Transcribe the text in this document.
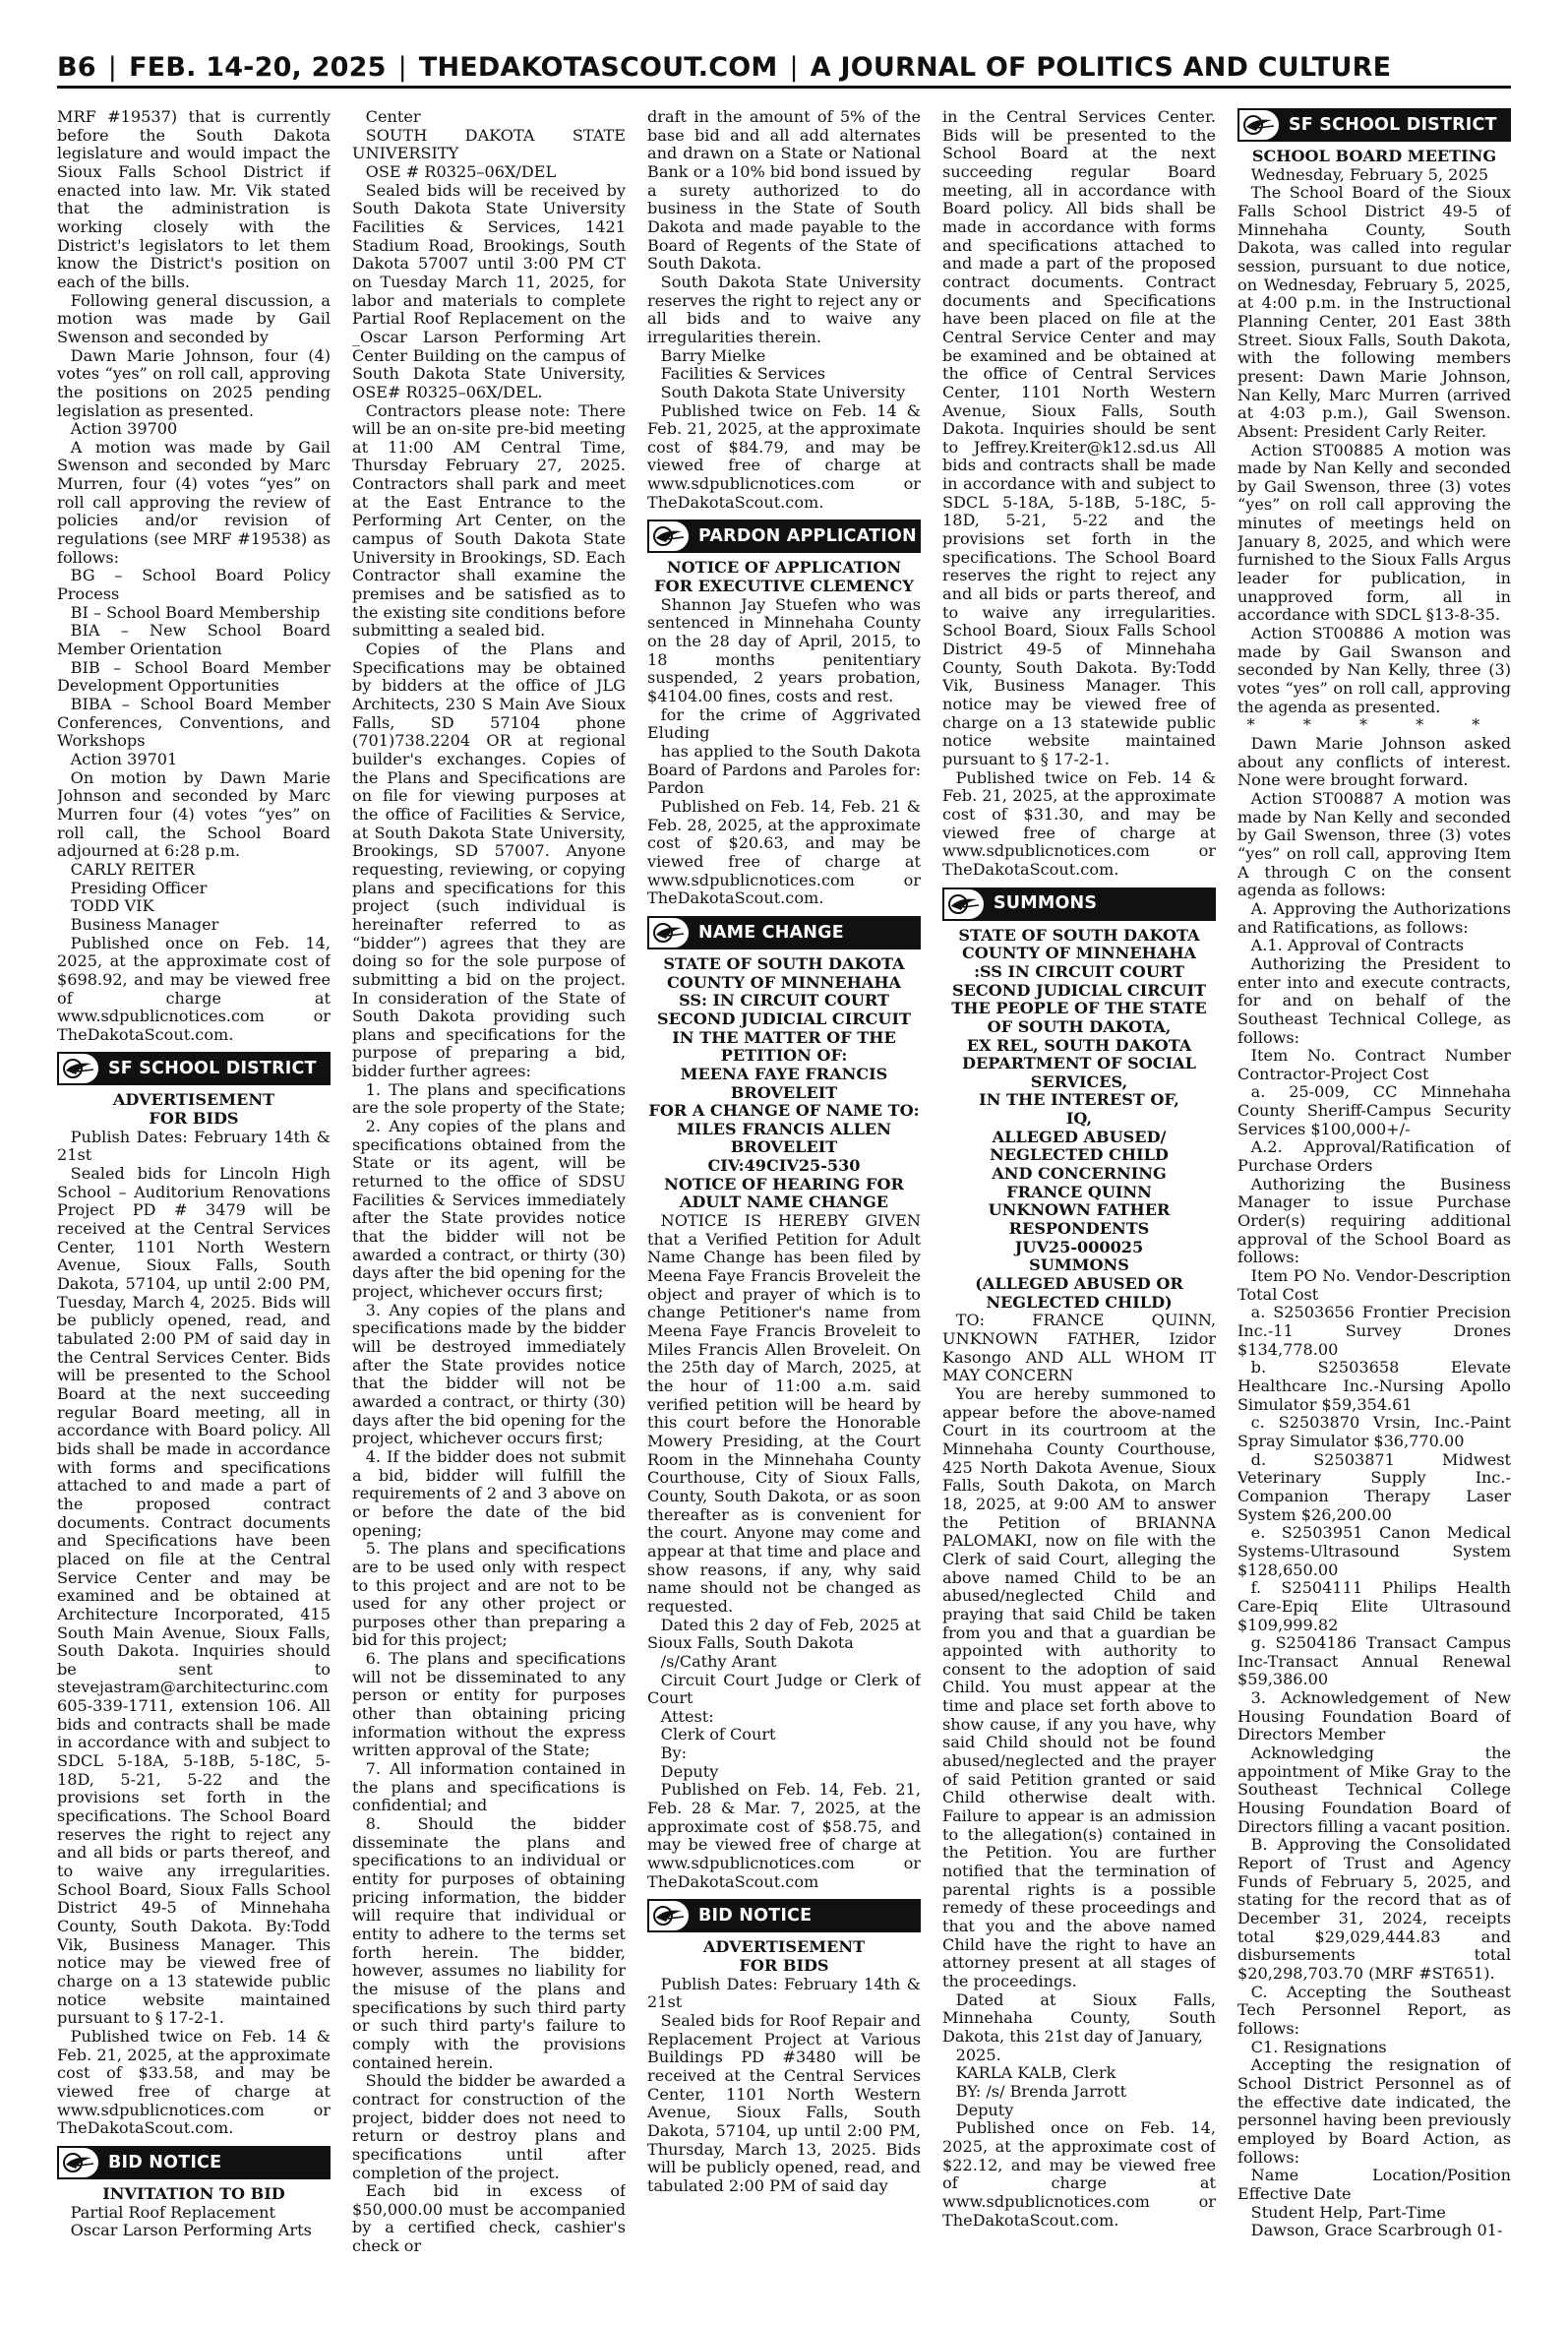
B6 | FEB. 14-20, 2025 | THEDAKOTASCOUT.COM | A JOURNAL OF POLITICS AND CULTURE

MRF #19537) that is currently before the South Dakota legislature and would impact the Sioux Falls School District if enacted into law. Mr. Vik stated that the administration is working closely with the District's legislators to let them know the District's position on each of the bills.

Following general discussion, a motion was made by Gail Swenson and seconded by

Dawn Marie Johnson, four (4) votes “yes” on roll call, approving the positions on 2025 pending legislation as presented.

Action 39700

A motion was made by Gail Swenson and seconded by Marc Murren, four (4) votes “yes” on roll call approving the review of policies and/or revision of regulations (see MRF #19538) as follows:

BG – School Board Policy Process

BI – School Board Membership

BIA – New School Board Member Orientation

BIB – School Board Member Development Opportunities

BIBA – School Board Member Conferences, Conventions, and Workshops

Action 39701

On motion by Dawn Marie Johnson and seconded by Marc Murren four (4) votes “yes” on roll call, the School Board adjourned at 6:28 p.m.

CARLY REITER

Presiding Officer

TODD VIK

Business Manager

Published once on Feb. 14, 2025, at the approximate cost of $698.92, and may be viewed free of charge at www.sdpublicnotices.com or TheDakotaScout.com.

SF SCHOOL DISTRICT

ADVERTISEMENT

FOR BIDS

Publish Dates: February 14th & 21st

Sealed bids for Lincoln High School – Auditorium Renovations Project PD # 3479 will be received at the Central Services Center, 1101 North Western Avenue, Sioux Falls, South Dakota, 57104, up until 2:00 PM, Tuesday, March 4, 2025. Bids will be publicly opened, read, and tabulated 2:00 PM of said day in the Central Services Center. Bids will be presented to the School Board at the next succeeding regular Board meeting, all in accordance with Board policy. All bids shall be made in accordance with forms and specifications attached to and made a part of the proposed contract documents. Contract documents and Specifications have been placed on file at the Central Service Center and may be examined and be obtained at Architecture Incorporated, 415 South Main Avenue, Sioux Falls, South Dakota. Inquiries should be sent to stevejastram@architecturinc.com 605-339-1711, extension 106. All bids and contracts shall be made in accordance with and subject to SDCL 5-18A, 5-18B, 5-18C, 5-18D, 5-21, 5-22 and the provisions set forth in the specifications. The School Board reserves the right to reject any and all bids or parts thereof, and to waive any irregularities. School Board, Sioux Falls School District 49-5 of Minnehaha County, South Dakota. By:Todd Vik, Business Manager. This notice may be viewed free of charge on a 13 statewide public notice website maintained pursuant to § 17-2-1.

Published twice on Feb. 14 & Feb. 21, 2025, at the approximate cost of $33.58, and may be viewed free of charge at www.sdpublicnotices.com or TheDakotaScout.com.

BID NOTICE

INVITATION TO BID

Partial Roof Replacement

Oscar Larson Performing Arts

Center

SOUTH DAKOTA STATE UNIVERSITY

OSE # R0325–06X/DEL

Sealed bids will be received by South Dakota State University Facilities & Services, 1421 Stadium Road, Brookings, South Dakota 57007 until 3:00 PM CT on Tuesday March 11, 2025, for labor and materials to complete Partial Roof Replacement on the _Oscar Larson Performing Art Center Building on the campus of South Dakota State University, OSE# R0325–06X/DEL.

Contractors please note: There will be an on-site pre-bid meeting at 11:00 AM Central Time, Thursday February 27, 2025. Contractors shall park and meet at the East Entrance to the Performing Art Center, on the campus of South Dakota State University in Brookings, SD. Each Contractor shall examine the premises and be satisfied as to the existing site conditions before submitting a sealed bid.

Copies of the Plans and Specifications may be obtained by bidders at the office of JLG Architects, 230 S Main Ave Sioux Falls, SD 57104 phone (701)738.2204 OR at regional builder's exchanges. Copies of the Plans and Specifications are on file for viewing purposes at the office of Facilities & Service, at South Dakota State University, Brookings, SD 57007. Anyone requesting, reviewing, or copying plans and specifications for this project (such individual is hereinafter referred to as “bidder”) agrees that they are doing so for the sole purpose of submitting a bid on the project. In consideration of the State of South Dakota providing such plans and specifications for the purpose of preparing a bid, bidder further agrees:

1. The plans and specifications are the sole property of the State;

2. Any copies of the plans and specifications obtained from the State or its agent, will be returned to the office of SDSU Facilities & Services immediately after the State provides notice that the bidder will not be awarded a contract, or thirty (30) days after the bid opening for the project, whichever occurs first;

3. Any copies of the plans and specifications made by the bidder will be destroyed immediately after the State provides notice that the bidder will not be awarded a contract, or thirty (30) days after the bid opening for the project, whichever occurs first;

4. If the bidder does not submit a bid, bidder will fulfill the requirements of 2 and 3 above on or before the date of the bid opening;

5. The plans and specifications are to be used only with respect to this project and are not to be used for any other project or purposes other than preparing a bid for this project;

6. The plans and specifications will not be disseminated to any person or entity for purposes other than obtaining pricing information without the express written approval of the State;

7. All information contained in the plans and specifications is confidential; and

8. Should the bidder disseminate the plans and specifications to an individual or entity for purposes of obtaining pricing information, the bidder will require that individual or entity to adhere to the terms set forth herein. The bidder, however, assumes no liability for the misuse of the plans and specifications by such third party or such third party's failure to comply with the provisions contained herein.

Should the bidder be awarded a contract for construction of the project, bidder does not need to return or destroy plans and specifications until after completion of the project.

Each bid in excess of $50,000.00 must be accompanied by a certified check, cashier's check or

draft in the amount of 5% of the base bid and all add alternates and drawn on a State or National Bank or a 10% bid bond issued by a surety authorized to do business in the State of South Dakota and made payable to the Board of Regents of the State of South Dakota.

South Dakota State University reserves the right to reject any or all bids and to waive any irregularities therein.

Barry Mielke

Facilities & Services

South Dakota State University

Published twice on Feb. 14 & Feb. 21, 2025, at the approximate cost of $84.79, and may be viewed free of charge at www.sdpublicnotices.com or TheDakotaScout.com.

PARDON APPLICATION

NOTICE OF APPLICATION

FOR EXECUTIVE CLEMENCY

Shannon Jay Stuefen who was sentenced in Minnehaha County on the 28 day of April, 2015, to 18 months penitentiary suspended, 2 years probation, $4104.00 fines, costs and rest.

for the crime of Aggrivated Eluding

has applied to the South Dakota Board of Pardons and Paroles for: Pardon

Published on Feb. 14, Feb. 21 & Feb. 28, 2025, at the approximate cost of $20.63, and may be viewed free of charge at www.sdpublicnotices.com or TheDakotaScout.com.

NAME CHANGE

STATE OF SOUTH DAKOTA

COUNTY OF MINNEHAHA

SS: IN CIRCUIT COURT

SECOND JUDICIAL CIRCUIT

IN THE MATTER OF THE

PETITION OF:

MEENA FAYE FRANCIS

BROVELEIT

FOR A CHANGE OF NAME TO:

MILES FRANCIS ALLEN

BROVELEIT

CIV:49CIV25-530

NOTICE OF HEARING FOR

ADULT NAME CHANGE

NOTICE IS HEREBY GIVEN that a Verified Petition for Adult Name Change has been filed by Meena Faye Francis Broveleit the object and prayer of which is to change Petitioner's name from Meena Faye Francis Broveleit to Miles Francis Allen Broveleit. On the 25th day of March, 2025, at the hour of 11:00 a.m. said verified petition will be heard by this court before the Honorable Mowery Presiding, at the Court Room in the Minnehaha County Courthouse, City of Sioux Falls, County, South Dakota, or as soon thereafter as is convenient for the court. Anyone may come and appear at that time and place and show reasons, if any, why said name should not be changed as requested.

Dated this 2 day of Feb, 2025 at Sioux Falls, South Dakota

/s/Cathy Arant

Circuit Court Judge or Clerk of Court

Attest:

Clerk of Court

By:

Deputy

Published on Feb. 14, Feb. 21, Feb. 28 & Mar. 7, 2025, at the approximate cost of $58.75, and may be viewed free of charge at www.sdpublicnotices.com or TheDakotaScout.com

BID NOTICE

ADVERTISEMENT

FOR BIDS

Publish Dates: February 14th & 21st

Sealed bids for Roof Repair and Replacement Project at Various Buildings PD #3480 will be received at the Central Services Center, 1101 North Western Avenue, Sioux Falls, South Dakota, 57104, up until 2:00 PM, Thursday, March 13, 2025. Bids will be publicly opened, read, and tabulated 2:00 PM of said day

in the Central Services Center. Bids will be presented to the School Board at the next succeeding regular Board meeting, all in accordance with Board policy. All bids shall be made in accordance with forms and specifications attached to and made a part of the proposed contract documents. Contract documents and Specifications have been placed on file at the Central Service Center and may be examined and be obtained at the office of Central Services Center, 1101 North Western Avenue, Sioux Falls, South Dakota. Inquiries should be sent to Jeffrey.Kreiter@k12.sd.us All bids and contracts shall be made in accordance with and subject to SDCL 5-18A, 5-18B, 5-18C, 5-18D, 5-21, 5-22 and the provisions set forth in the specifications. The School Board reserves the right to reject any and all bids or parts thereof, and to waive any irregularities. School Board, Sioux Falls School District 49-5 of Minnehaha County, South Dakota. By:Todd Vik, Business Manager. This notice may be viewed free of charge on a 13 statewide public notice website maintained pursuant to § 17-2-1.

Published twice on Feb. 14 & Feb. 21, 2025, at the approximate cost of $31.30, and may be viewed free of charge at www.sdpublicnotices.com or TheDakotaScout.com.

SUMMONS

STATE OF SOUTH DAKOTA

COUNTY OF MINNEHAHA

:SS IN CIRCUIT COURT

SECOND JUDICIAL CIRCUIT

THE PEOPLE OF THE STATE

OF SOUTH DAKOTA,

EX REL, SOUTH DAKOTA

DEPARTMENT OF SOCIAL

SERVICES,

IN THE INTEREST OF,

IQ,

ALLEGED ABUSED/

NEGLECTED CHILD

AND CONCERNING

FRANCE QUINN

UNKNOWN FATHER

RESPONDENTS

JUV25-000025

SUMMONS

(ALLEGED ABUSED OR

NEGLECTED CHILD)

TO: FRANCE QUINN, UNKNOWN FATHER, Izidor Kasongo AND ALL WHOM IT MAY CONCERN

You are hereby summoned to appear before the above-named Court in its courtroom at the Minnehaha County Courthouse, 425 North Dakota Avenue, Sioux Falls, South Dakota, on March 18, 2025, at 9:00 AM to answer the Petition of BRIANNA PALOMAKI, now on file with the Clerk of said Court, alleging the above named Child to be an abused/neglected Child and praying that said Child be taken from you and that a guardian be appointed with authority to consent to the adoption of said Child. You must appear at the time and place set forth above to show cause, if any you have, why said Child should not be found abused/neglected and the prayer of said Petition granted or said Child otherwise dealt with. Failure to appear is an admission to the allegation(s) contained in the Petition. You are further notified that the termination of parental rights is a possible remedy of these proceedings and that you and the above named Child have the right to have an attorney present at all stages of the proceedings.

Dated at Sioux Falls, Minnehaha County, South Dakota, this 21st day of January,

2025.

KARLA KALB, Clerk

BY: /s/ Brenda Jarrott

Deputy

Published once on Feb. 14, 2025, at the approximate cost of $22.12, and may be viewed free of charge at www.sdpublicnotices.com or TheDakotaScout.com.

SF SCHOOL DISTRICT

SCHOOL BOARD MEETING

Wednesday, February 5, 2025

The School Board of the Sioux Falls School District 49-5 of Minnehaha County, South Dakota, was called into regular session, pursuant to due notice, on Wednesday, February 5, 2025, at 4:00 p.m. in the Instructional Planning Center, 201 East 38th Street. Sioux Falls, South Dakota, with the following members present: Dawn Marie Johnson, Nan Kelly, Marc Murren (arrived at 4:03 p.m.), Gail Swenson. Absent: President Carly Reiter.

Action ST00885 A motion was made by Nan Kelly and seconded by Gail Swenson, three (3) votes “yes” on roll call approving the minutes of meetings held on January 8, 2025, and which were furnished to the Sioux Falls Argus leader for publication, in unapproved form, all in accordance with SDCL §13-8-35.

Action ST00886 A motion was made by Gail Swanson and seconded by Nan Kelly, three (3) votes “yes” on roll call, approving the agenda as presented.

* * * * *

Dawn Marie Johnson asked about any conflicts of interest. None were brought forward.

Action ST00887 A motion was made by Nan Kelly and seconded by Gail Swenson, three (3) votes “yes” on roll call, approving Item A through C on the consent agenda as follows:

A. Approving the Authorizations and Ratifications, as follows:

A.1. Approval of Contracts

Authorizing the President to enter into and execute contracts, for and on behalf of the Southeast Technical College, as follows:

Item No. Contract Number Contractor-Project Cost

a. 25-009, CC Minnehaha County Sheriff-Campus Security Services $100,000+/-

A.2. Approval/Ratification of Purchase Orders

Authorizing the Business Manager to issue Purchase Order(s) requiring additional approval of the School Board as follows:

Item PO No. Vendor-Description Total Cost

a. S2503656 Frontier Precision Inc.-11 Survey Drones $134,778.00

b. S2503658 Elevate Healthcare Inc.-Nursing Apollo Simulator $59,354.61

c. S2503870 Vrsin, Inc.-Paint Spray Simulator $36,770.00

d. S2503871 Midwest Veterinary Supply Inc.-Companion Therapy Laser System $26,200.00

e. S2503951 Canon Medical Systems-Ultrasound System $128,650.00

f. S2504111 Philips Health Care-Epiq Elite Ultrasound $109,999.82

g. S2504186 Transact Campus Inc-Transact Annual Renewal $59,386.00

3. Acknowledgement of New Housing Foundation Board of Directors Member

Acknowledging the appointment of Mike Gray to the Southeast Technical College Housing Foundation Board of Directors filling a vacant position.

B. Approving the Consolidated Report of Trust and Agency Funds of February 5, 2025, and stating for the record that as of December 31, 2024, receipts total $29,029,444.83 and disbursements total $20,298,703.70 (MRF #ST651).

C. Accepting the Southeast Tech Personnel Report, as follows:

C1. Resignations

Accepting the resignation of School District Personnel as of the effective date indicated, the personnel having been previously employed by Board Action, as follows:

Name Location/Position Effective Date

Student Help, Part-Time

Dawson, Grace Scarbrough 01-
